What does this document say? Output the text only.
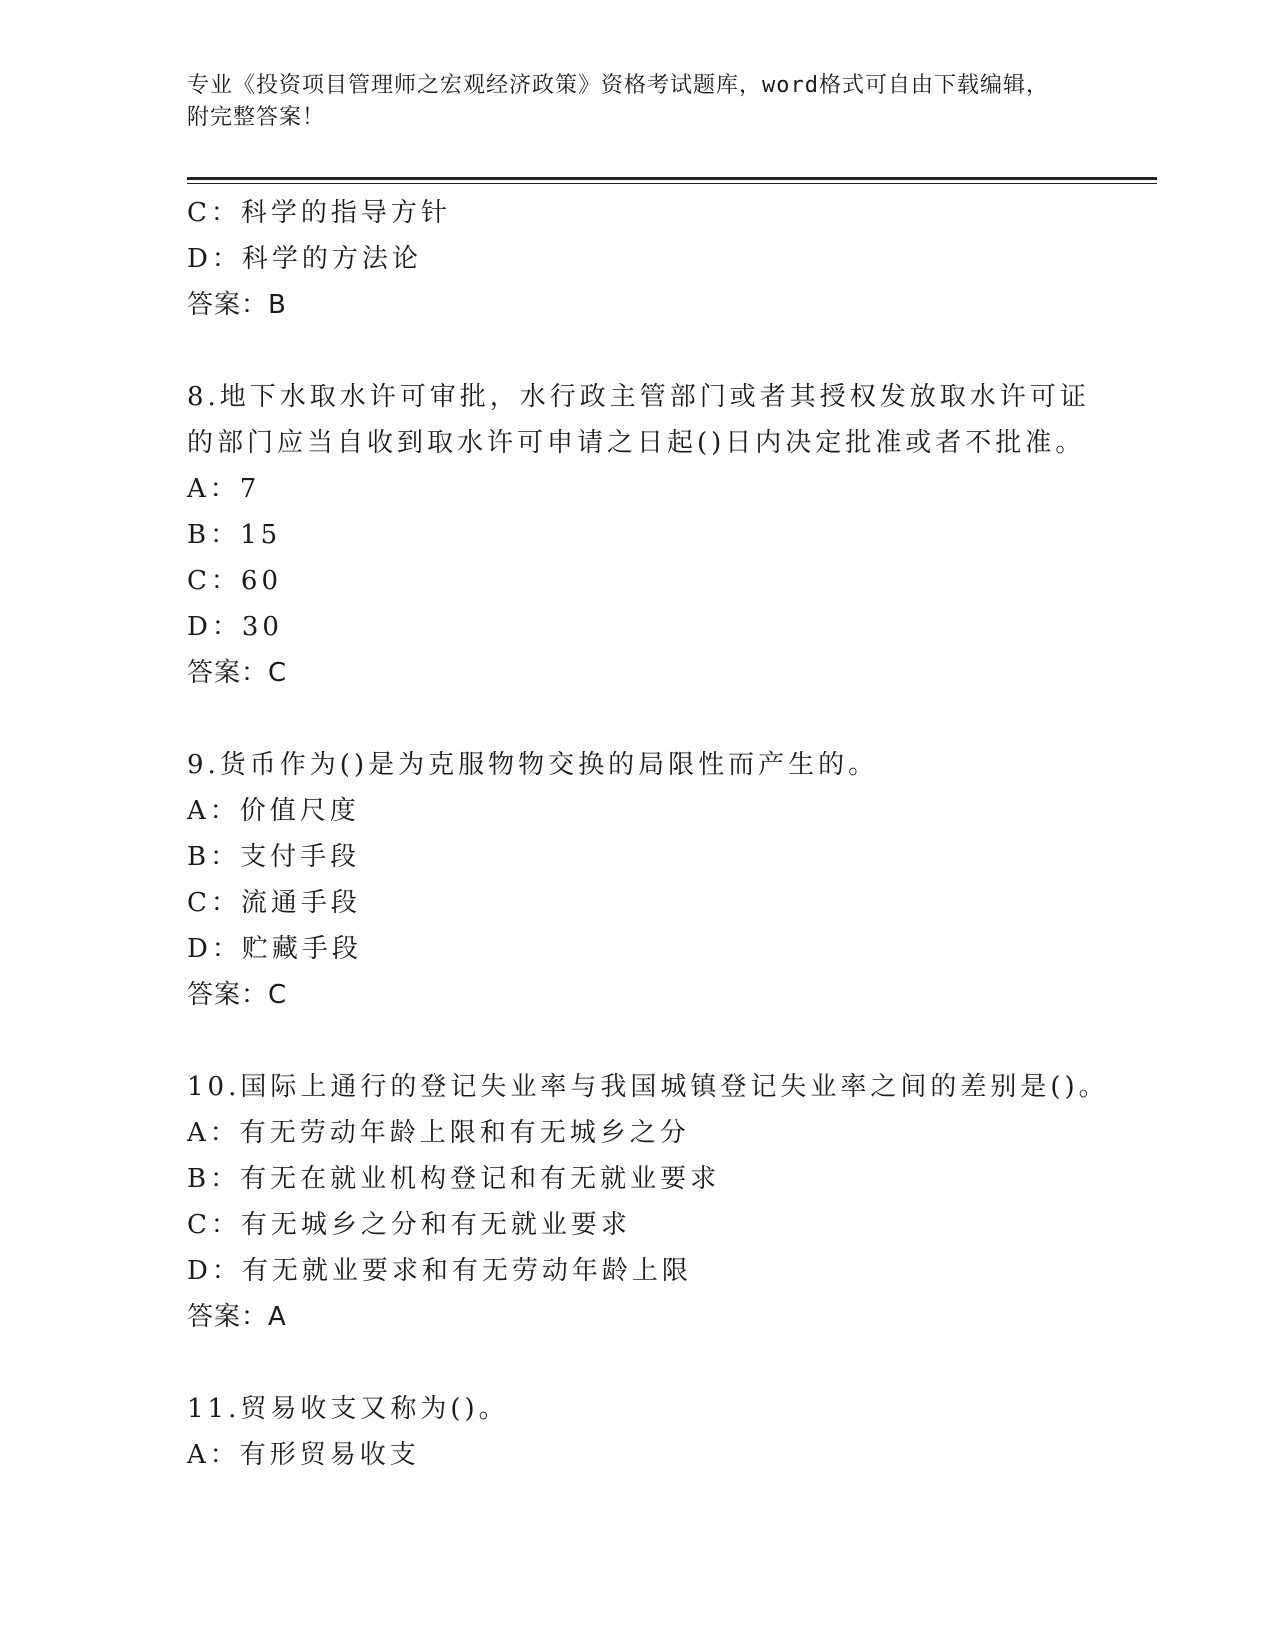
专业《投资项目管理师之宏观经济政策》资格考试题库，word格式可自由下载编辑，附完整答案！
C：科学的指导方针
D：科学的方法论
答案：B
8.地下水取水许可审批，水行政主管部门或者其授权发放取水许可证的部门应当自收到取水许可申请之日起()日内决定批准或者不批准。
A：7
B：15
C：60
D：30
答案：C
9.货币作为()是为克服物物交换的局限性而产生的。
A：价值尺度
B：支付手段
C：流通手段
D：贮藏手段
答案：C
10.国际上通行的登记失业率与我国城镇登记失业率之间的差别是()。
A：有无劳动年龄上限和有无城乡之分
B：有无在就业机构登记和有无就业要求
C：有无城乡之分和有无就业要求
D：有无就业要求和有无劳动年龄上限
答案：A
11.贸易收支又称为()。
A：有形贸易收支
